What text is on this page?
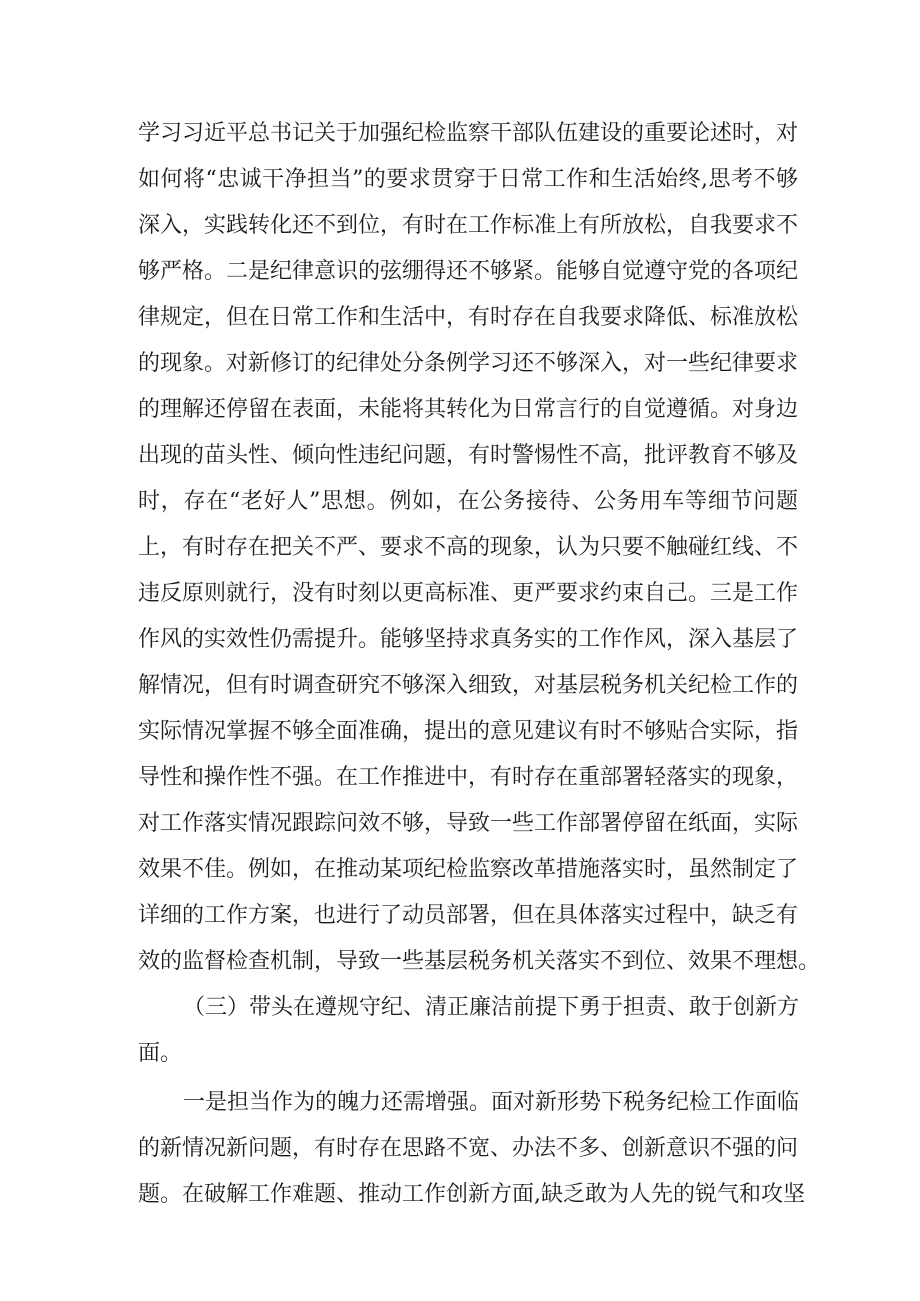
学习习近平总书记关于加强纪检监察干部队伍建设的重要论述时，对
如何将“忠诚干净担当”的要求贯穿于日常工作和生活始终,思考不够
深入，实践转化还不到位，有时在工作标准上有所放松，自我要求不
够严格。二是纪律意识的弦绷得还不够紧。能够自觉遵守党的各项纪
律规定，但在日常工作和生活中，有时存在自我要求降低、标准放松
的现象。对新修订的纪律处分条例学习还不够深入，对一些纪律要求
的理解还停留在表面，未能将其转化为日常言行的自觉遵循。对身边
出现的苗头性、倾向性违纪问题，有时警惕性不高，批评教育不够及
时，存在“老好人”思想。例如，在公务接待、公务用车等细节问题
上，有时存在把关不严、要求不高的现象，认为只要不触碰红线、不
违反原则就行，没有时刻以更高标准、更严要求约束自己。三是工作
作风的实效性仍需提升。能够坚持求真务实的工作作风，深入基层了
解情况，但有时调查研究不够深入细致，对基层税务机关纪检工作的
实际情况掌握不够全面准确，提出的意见建议有时不够贴合实际，指
导性和操作性不强。在工作推进中，有时存在重部署轻落实的现象，
对工作落实情况跟踪问效不够，导致一些工作部署停留在纸面，实际
效果不佳。例如，在推动某项纪检监察改革措施落实时，虽然制定了
详细的工作方案，也进行了动员部署，但在具体落实过程中，缺乏有
效的监督检查机制，导致一些基层税务机关落实不到位、效果不理想。
（三）带头在遵规守纪、清正廉洁前提下勇于担责、敢于创新方
面。
一是担当作为的魄力还需增强。面对新形势下税务纪检工作面临
的新情况新问题，有时存在思路不宽、办法不多、创新意识不强的问
题。在破解工作难题、推动工作创新方面,缺乏敢为人先的锐气和攻坚
